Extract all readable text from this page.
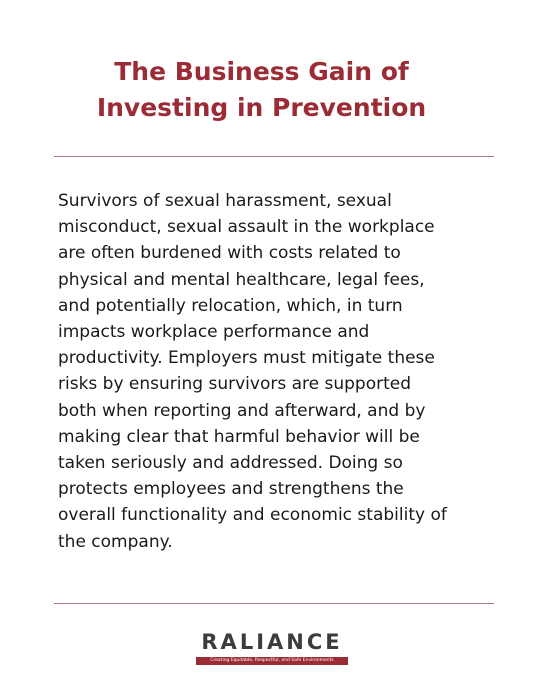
The Business Gain of
Investing in Prevention

Survivors of sexual harassment, sexual
misconduct, sexual assault in the workplace
are often burdened with costs related to
physical and mental healthcare, legal fees,
and potentially relocation, which, in turn
impacts workplace performance and
productivity. Employers must mitigate these
risks by ensuring survivors are supported
both when reporting and afterward, and by
making clear that harmful behavior will be
taken seriously and addressed. Doing so
protects employees and strengthens the
overall functionality and economic stability of
the company.

RALIANCE
Creating Equitable, Respectful, and Safe Environments
